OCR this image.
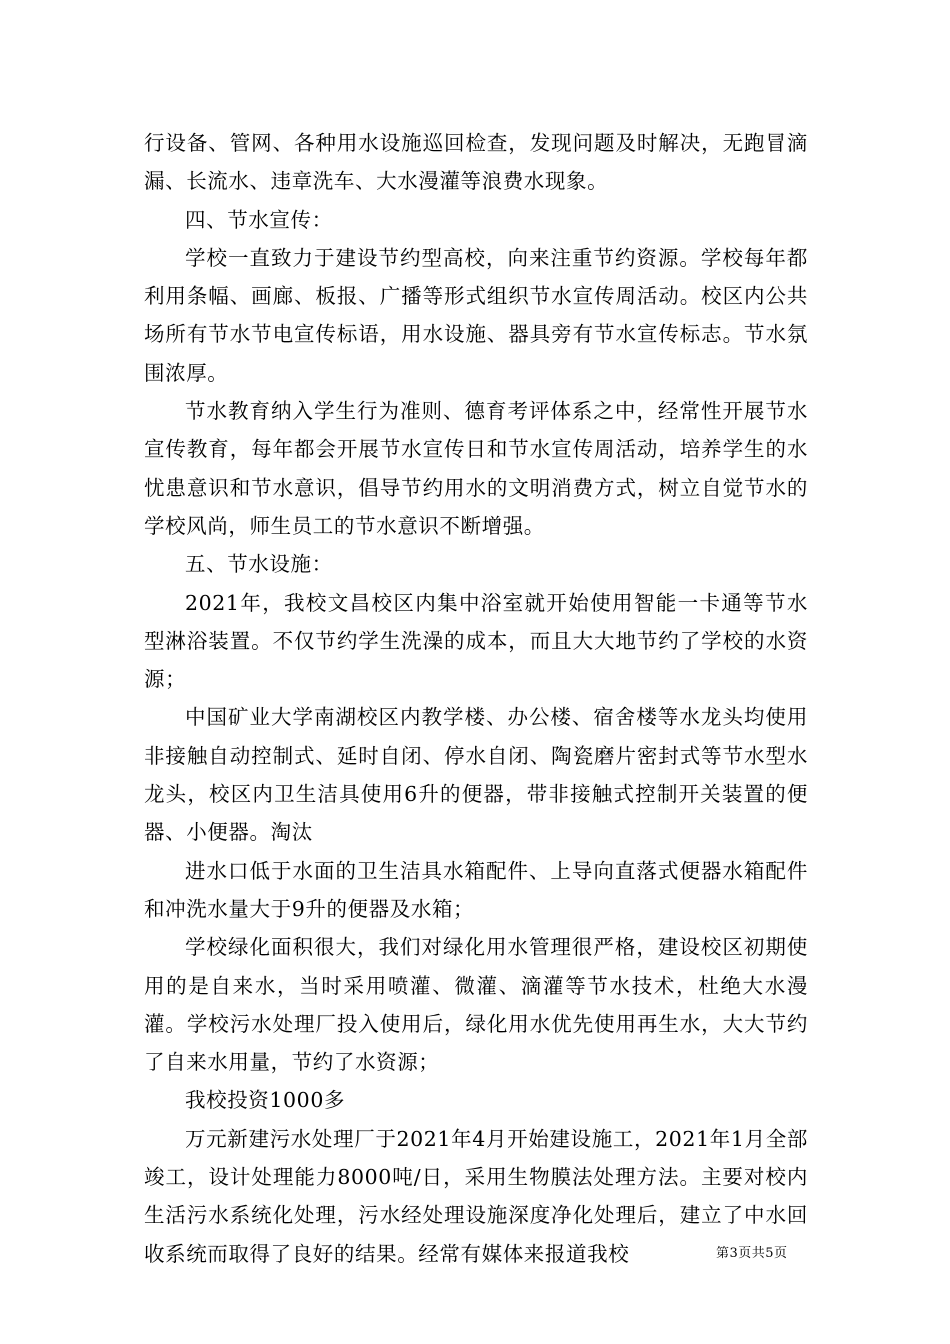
行设备、管网、各种用水设施巡回检查，发现问题及时解决，无跑冒滴漏、长流水、违章洗车、大水漫灌等浪费水现象。

四、节水宣传：

学校一直致力于建设节约型高校，向来注重节约资源。学校每年都利用条幅、画廊、板报、广播等形式组织节水宣传周活动。校区内公共场所有节水节电宣传标语，用水设施、器具旁有节水宣传标志。节水氛围浓厚。

节水教育纳入学生行为准则、德育考评体系之中，经常性开展节水宣传教育，每年都会开展节水宣传日和节水宣传周活动，培养学生的水忧患意识和节水意识，倡导节约用水的文明消费方式，树立自觉节水的学校风尚，师生员工的节水意识不断增强。

五、节水设施：

2021年，我校文昌校区内集中浴室就开始使用智能一卡通等节水型淋浴装置。不仅节约学生洗澡的成本，而且大大地节约了学校的水资源；

中国矿业大学南湖校区内教学楼、办公楼、宿舍楼等水龙头均使用非接触自动控制式、延时自闭、停水自闭、陶瓷磨片密封式等节水型水龙头，校区内卫生洁具使用6升的便器，带非接触式控制开关装置的便器、小便器。淘汰

进水口低于水面的卫生洁具水箱配件、上导向直落式便器水箱配件和冲洗水量大于9升的便器及水箱；

学校绿化面积很大，我们对绿化用水管理很严格，建设校区初期使用的是自来水，当时采用喷灌、微灌、滴灌等节水技术，杜绝大水漫灌。学校污水处理厂投入使用后，绿化用水优先使用再生水，大大节约了自来水用量，节约了水资源；

我校投资1000多

万元新建污水处理厂于2021年4月开始建设施工，2021年1月全部竣工，设计处理能力8000吨/日，采用生物膜法处理方法。主要对校内生活污水系统化处理，污水经处理设施深度净化处理后，建立了中水回收系统而取得了良好的结果。经常有媒体来报道我校	第3页共5页
